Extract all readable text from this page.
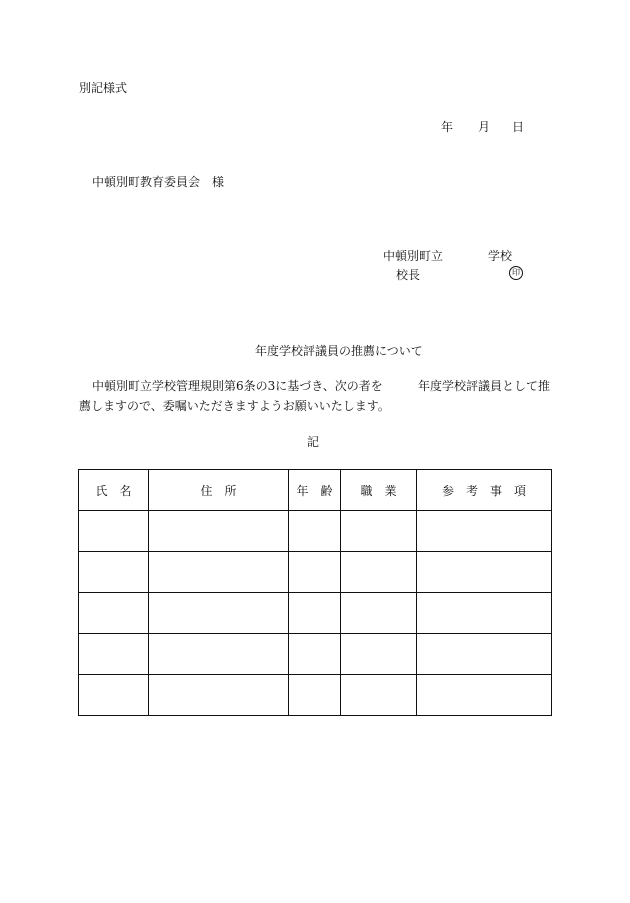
別記様式
年 月 日
中頓別町教育委員会　様
中頓別町立	学校
校長	印
年度学校評議員の推薦について
中頓別町立学校管理規則第6条の3に基づき、次の者を	年度学校評議員として推
薦しますので、委嘱いただきますようお願いいたします。
記
氏　名	住　所	年　齢	職　業	参　考　事　項
